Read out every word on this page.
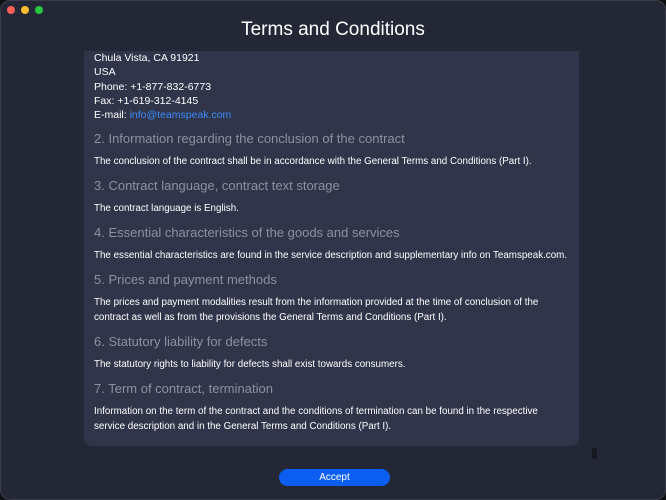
Terms and Conditions
Chula Vista, CA 91921
USA
Phone: +1-877-832-6773
Fax: +1-619-312-4145
E-mail: info@teamspeak.com
2. Information regarding the conclusion of the contract
The conclusion of the contract shall be in accordance with the General Terms and Conditions (Part I).
3. Contract language, contract text storage
The contract language is English.
4. Essential characteristics of the goods and services
The essential characteristics are found in the service description and supplementary info on Teamspeak.com.
5. Prices and payment methods
The prices and payment modalities result from the information provided at the time of conclusion of the contract as well as from the provisions the General Terms and Conditions (Part I).
6. Statutory liability for defects
The statutory rights to liability for defects shall exist towards consumers.
7. Term of contract, termination
Information on the term of the contract and the conditions of termination can be found in the respective service description and in the General Terms and Conditions (Part I).
Accept
